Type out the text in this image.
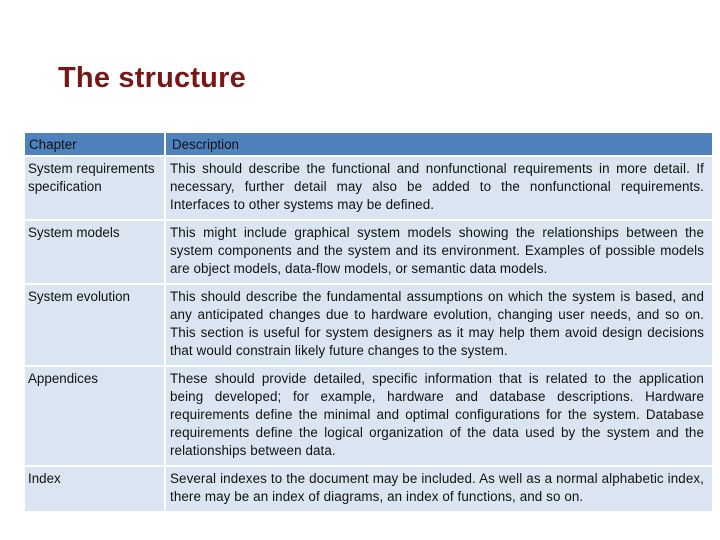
The structure
Chapter	Description
System requirements specification	This should describe the functional and nonfunctional requirements in more detail. If necessary, further detail may also be added to the nonfunctional requirements. Interfaces to other systems may be defined.
System models	This might include graphical system models showing the relationships between the system components and the system and its environment. Examples of possible models are object models, data-flow models, or semantic data models.
System evolution	This should describe the fundamental assumptions on which the system is based, and any anticipated changes due to hardware evolution, changing user needs, and so on. This section is useful for system designers as it may help them avoid design decisions that would constrain likely future changes to the system.
Appendices	These should provide detailed, specific information that is related to the application being developed; for example, hardware and database descriptions. Hardware requirements define the minimal and optimal configurations for the system. Database requirements define the logical organization of the data used by the system and the relationships between data.
Index	Several indexes to the document may be included. As well as a normal alphabetic index, there may be an index of diagrams, an index of functions, and so on.
